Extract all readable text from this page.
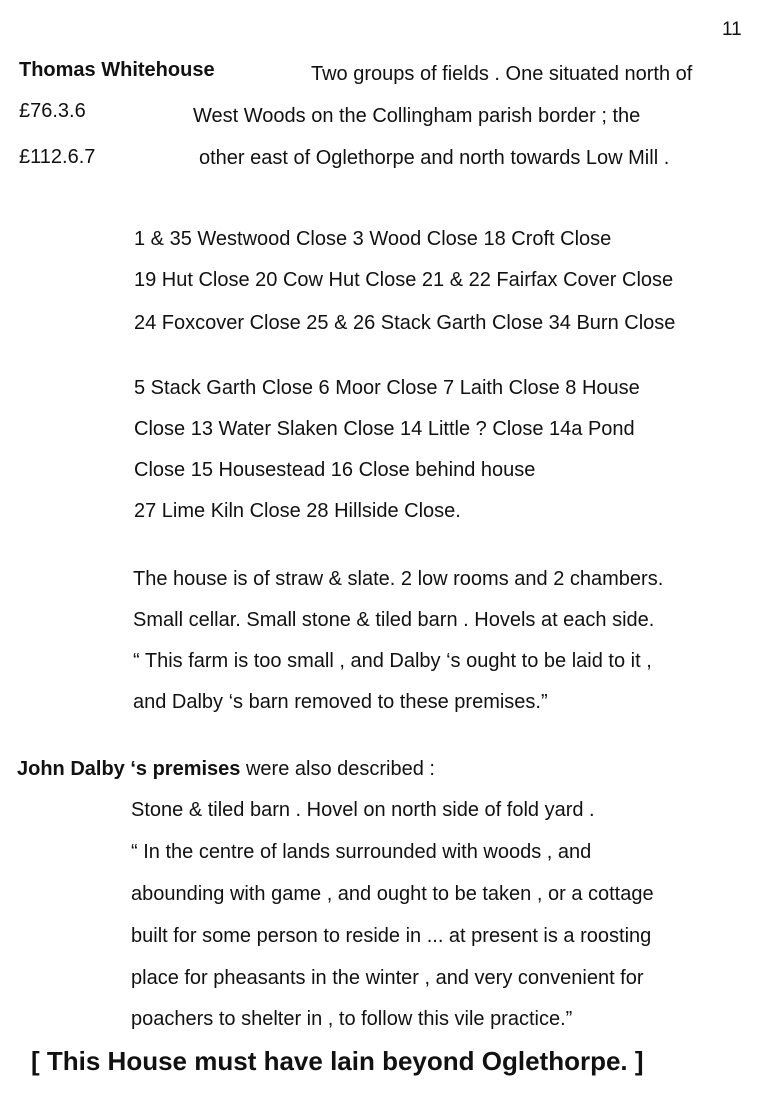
11
Thomas Whitehouse
£76.3.6
£112.6.7
Two groups of fields . One situated north of
West Woods on the Collingham parish border ; the
other east of Oglethorpe and north towards Low Mill .
1 & 35 Westwood Close 3 Wood Close 18 Croft Close
19 Hut Close 20 Cow Hut Close 21 & 22 Fairfax Cover Close
24 Foxcover Close 25 & 26 Stack Garth Close 34 Burn Close
5 Stack Garth Close 6 Moor Close 7 Laith Close 8 House
Close 13 Water Slaken Close 14 Little ? Close 14a Pond
Close 15 Housestead 16 Close behind house
27 Lime Kiln Close 28 Hillside Close.
The house is of straw & slate. 2 low rooms and 2 chambers.
Small cellar. Small stone & tiled barn . Hovels at each side.
“ This farm is too small , and Dalby ‘s ought to be laid to it ,
and Dalby ‘s barn removed to these premises.”
John Dalby ‘s premises were also described :
Stone & tiled barn . Hovel on north side of fold yard .
“ In the centre of lands surrounded with woods , and
abounding with game , and ought to be taken , or a cottage
built for some person to reside in ... at present is a roosting
place for pheasants in the winter , and very convenient for
poachers to shelter in , to follow this vile practice.”
[ This House must have lain beyond Oglethorpe. ]
